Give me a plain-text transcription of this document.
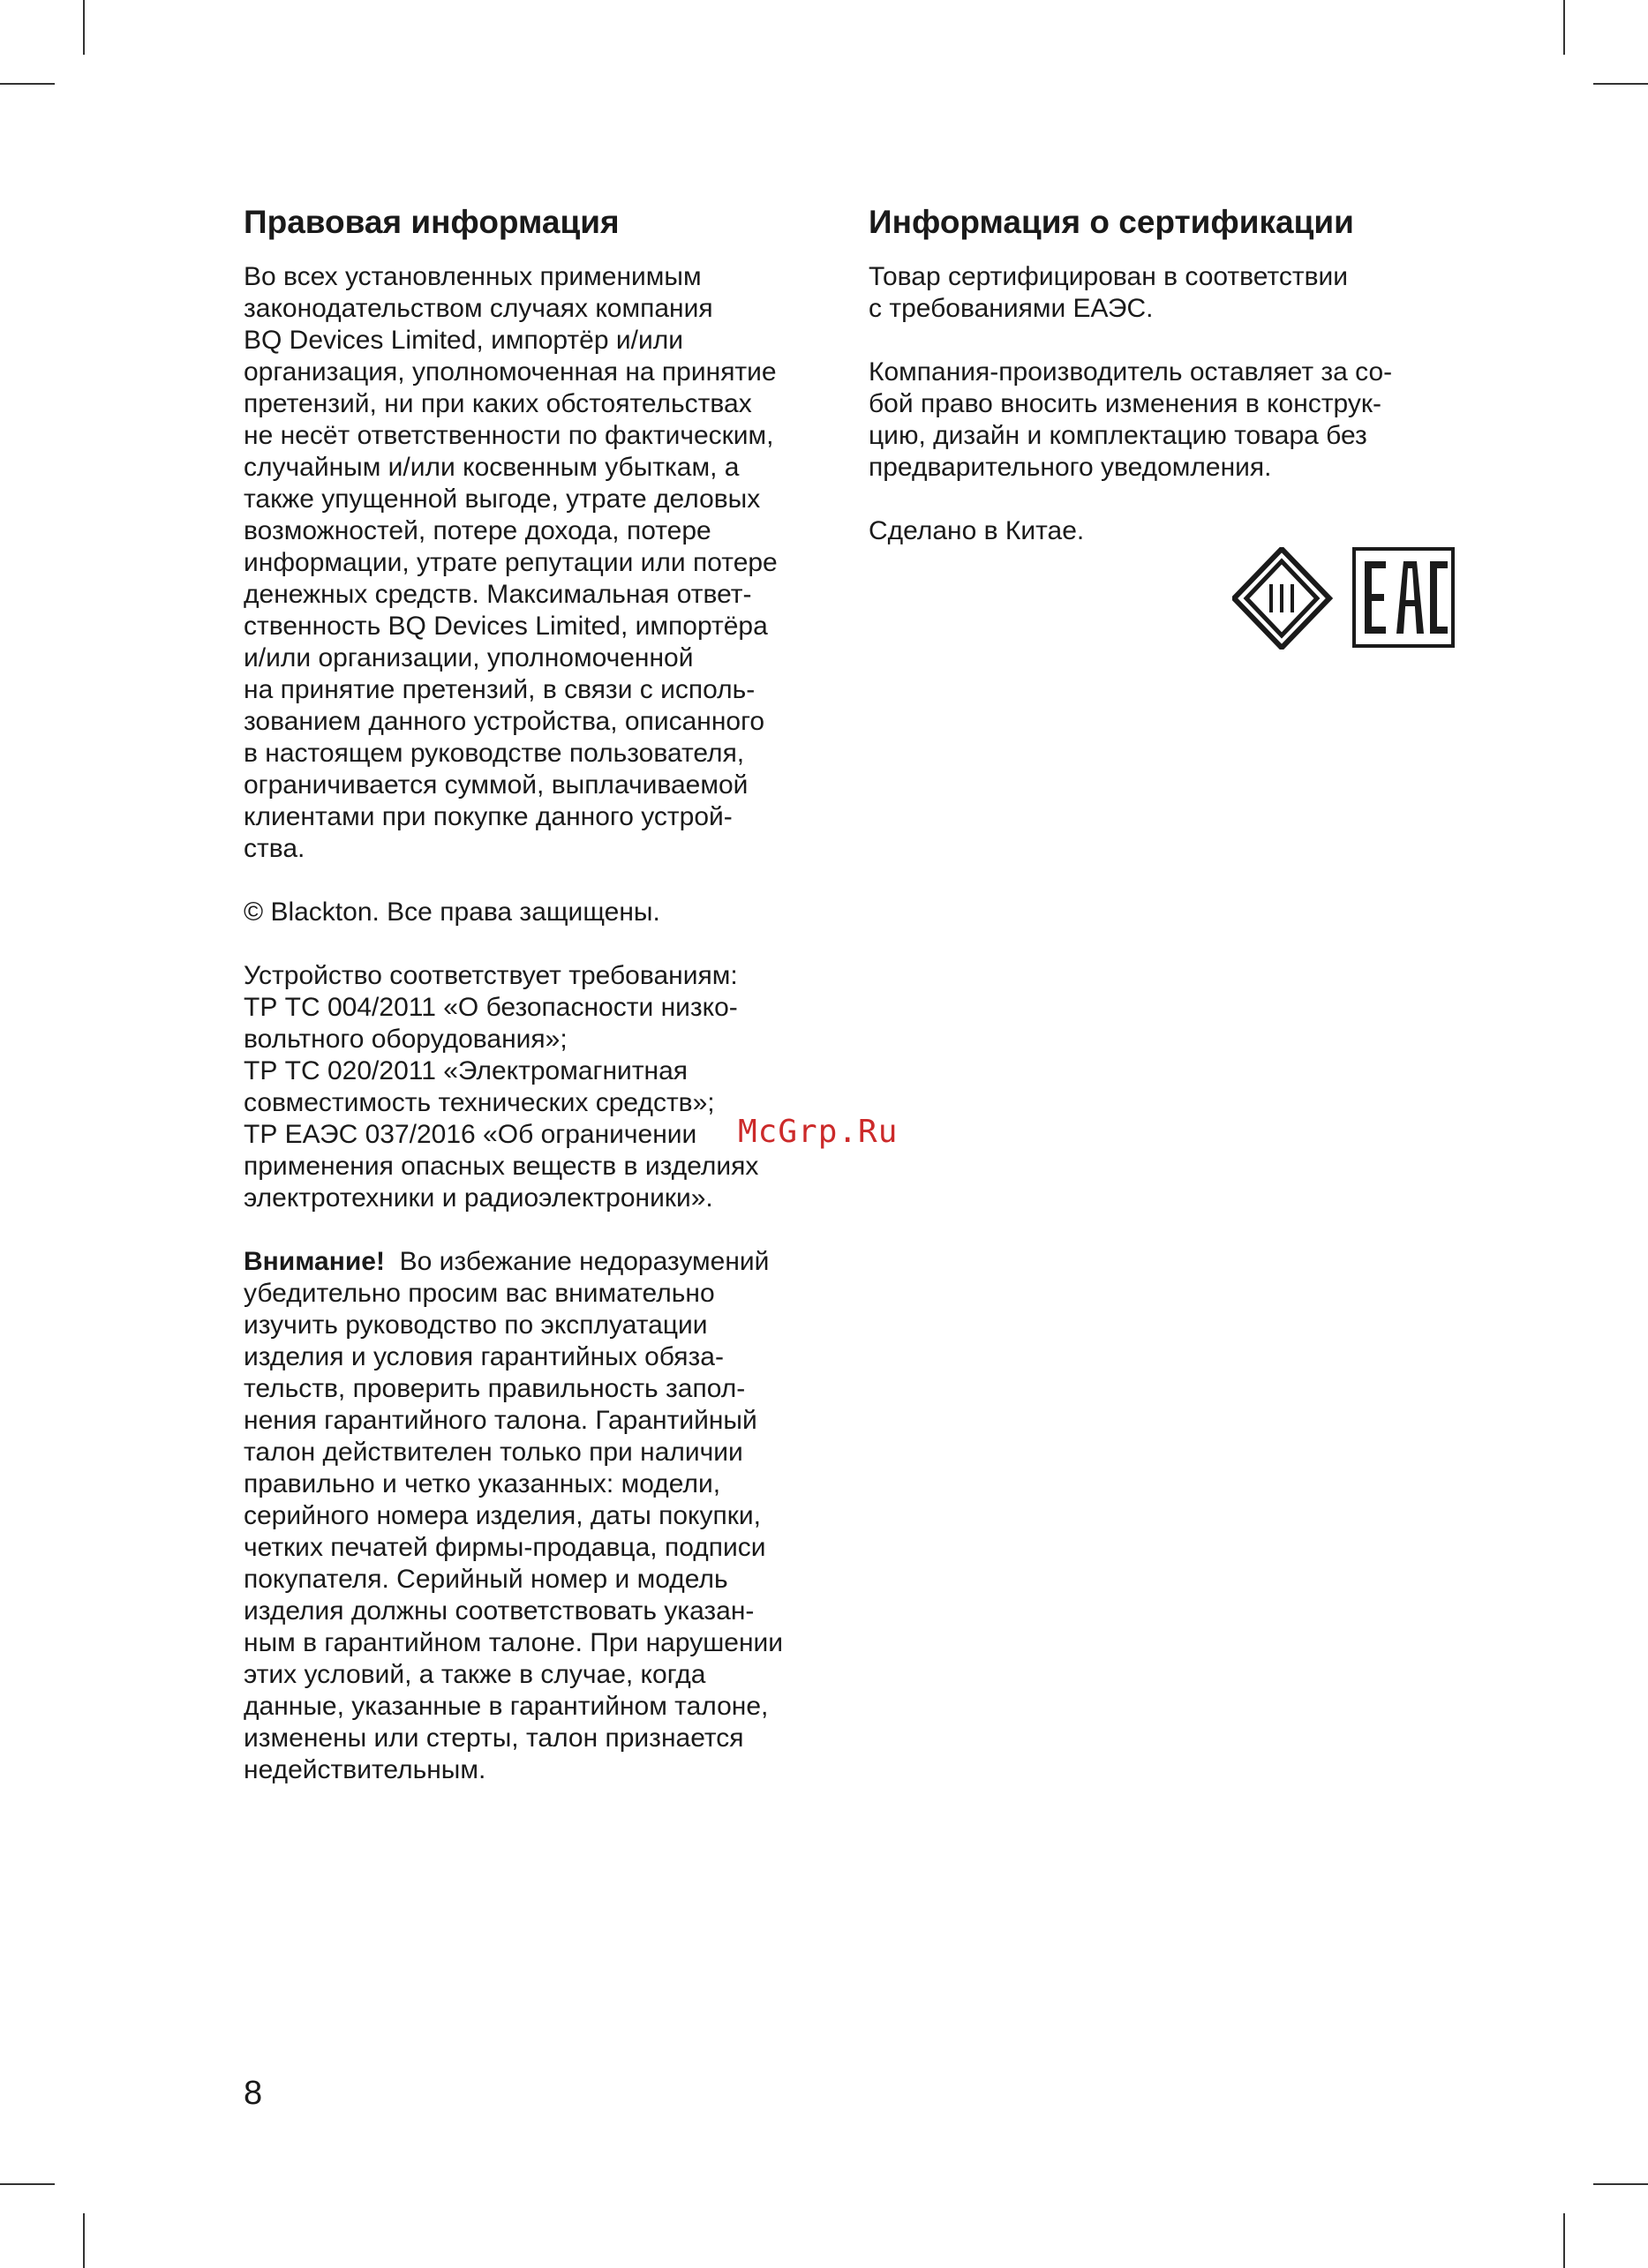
Правовая информация

Во всех установленных применимым
законодательством случаях компания
BQ Devices Limited, импортёр и/или
организация, уполномоченная на принятие
претензий, ни при каких обстоятельствах
не несёт ответственности по фактическим,
случайным и/или косвенным убыткам, а
также упущенной выгоде, утрате деловых
возможностей, потере дохода, потере
информации, утрате репутации или потере
денежных средств. Максимальная ответ-
ственность BQ Devices Limited, импортёра
и/или организации, уполномоченной
на принятие претензий, в связи с исполь-
зованием данного устройства, описанного
в настоящем руководстве пользователя,
ограничивается суммой, выплачиваемой
клиентами при покупке данного устрой-
ства.

© Blackton. Все права защищены.

Устройство соответствует требованиям:
ТР ТС 004/2011 «О безопасности низко-
вольтного оборудования»;
ТР ТС 020/2011 «Электромагнитная
совместимость технических средств»;
ТР ЕАЭС 037/2016 «Об ограничении
применения опасных веществ в изделиях
электротехники и радиоэлектроники».

Внимание! Во избежание недоразумений
убедительно просим вас внимательно
изучить руководство по эксплуатации
изделия и условия гарантийных обяза-
тельств, проверить правильность запол-
нения гарантийного талона. Гарантийный
талон действителен только при наличии
правильно и четко указанных: модели,
серийного номера изделия, даты покупки,
четких печатей фирмы-продавца, подписи
покупателя. Серийный номер и модель
изделия должны соответствовать указан-
ным в гарантийном талоне. При нарушении
этих условий, а также в случае, когда
данные, указанные в гарантийном талоне,
изменены или стерты, талон признается
недействительным.

Информация о сертификации

Товар сертифицирован в соответствии
с требованиями ЕАЭС.

Компания-производитель оставляет за со-
бой право вносить изменения в конструк-
цию, дизайн и комплектацию товара без
предварительного уведомления.

Сделано в Китае.

McGrp.Ru
8
